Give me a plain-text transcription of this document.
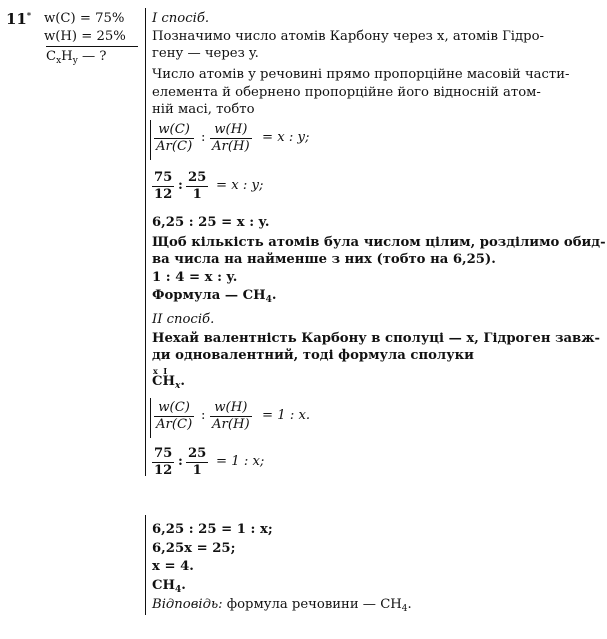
11* w(C) = 75%
w(H) = 25%
$C_xH_y$ — ?
I спосіб.
Позначимо число атомів Карбону через x, атомів Гідро-
гену — через y.
Число атомів у речовині прямо пропорційне масовій части-
елемента й обернено пропорційне його відносній атом-
ній масі, тобто
$\frac{w(C)}{Ar(C)}$ : $\frac{w(H)}{Ar(H)} = x$ : y;
$\frac{75}{12}$ : $\frac{25}{1} = x$ : y;
6,25 : 25 = x : y.
Щоб кількість атомів була числом цілим, розділимо обид-
ва числа на найменше з них (тобто на 6,25).
1 : 4 = x : y.
Формула — $CH_4$.
II спосіб.
Нехай валентність Карбону в сполуці — x, Гідроген завж-
ди одновалентний, тоді формула сполуки
x  I
$CH_x$.
$\frac{w(C)}{Ar(C)}$ : $\frac{w(H)}{Ar(H)} = 1$ : x.
$\frac{75}{12}$ : $\frac{25}{1} = 1$ : x;
6,25 : 25 = 1 : x;
6,25x = 25;
x = 4.
$CH_4$.
Відповідь: формула речовини — $CH_4$.
